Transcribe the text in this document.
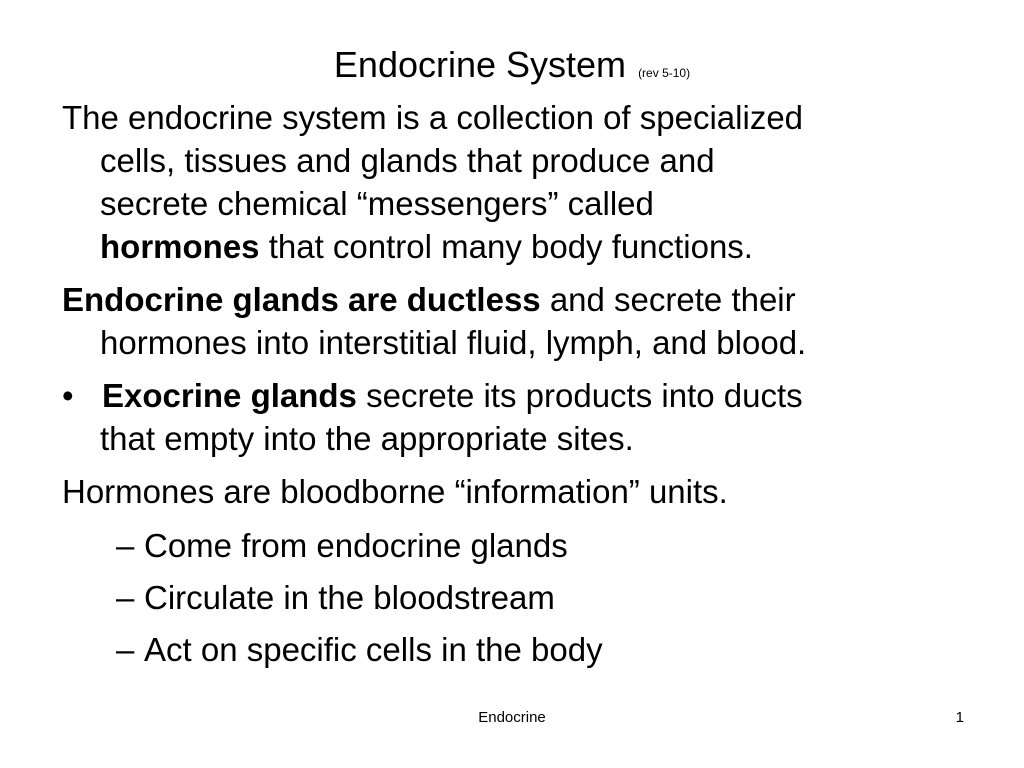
Endocrine System (rev 5-10)
The endocrine system is a collection of specialized
cells, tissues and glands that produce and
secrete chemical “messengers” called
hormones that control many body functions.
Endocrine glands are ductless and secrete their
hormones into interstitial fluid, lymph, and blood.
• Exocrine glands secrete its products into ducts
that empty into the appropriate sites.
Hormones are bloodborne “information” units.
– Come from endocrine glands
– Circulate in the bloodstream
– Act on specific cells in the body
Endocrine	1
